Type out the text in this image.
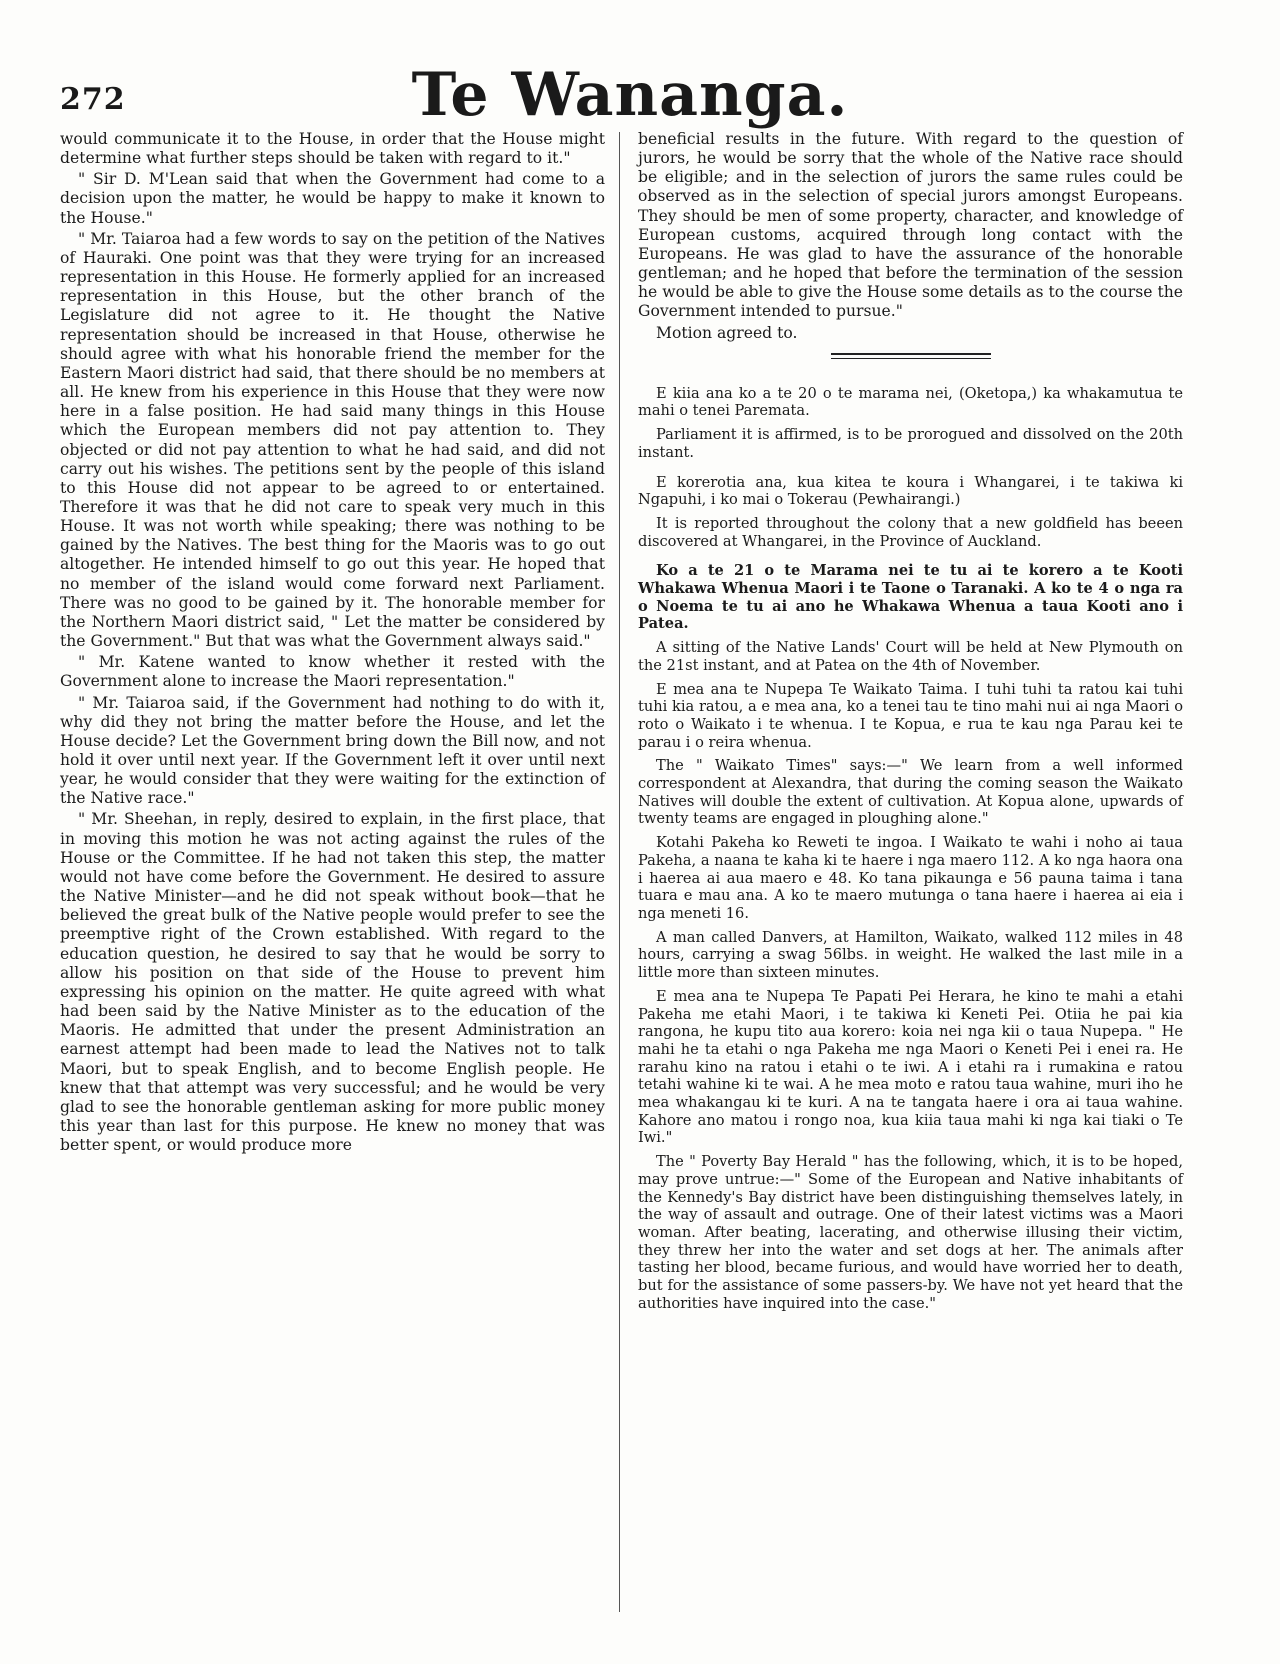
272	Te Wananga.

would communicate it to the House, in order that the House might determine what further steps should be taken with regard to it."

" Sir D. M'Lean said that when the Government had come to a decision upon the matter, he would be happy to make it known to the House."

" Mr. Taiaroa had a few words to say on the petition of the Natives of Hauraki. One point was that they were trying for an increased representation in this House. He formerly applied for an increased representation in this House, but the other branch of the Legislature did not agree to it. He thought the Native representation should be increased in that House, otherwise he should agree with what his honorable friend the member for the Eastern Maori district had said, that there should be no members at all. He knew from his experience in this House that they were now here in a false position. He had said many things in this House which the European members did not pay attention to. They objected or did not pay attention to what he had said, and did not carry out his wishes. The petitions sent by the people of this island to this House did not appear to be agreed to or entertained. Therefore it was that he did not care to speak very much in this House. It was not worth while speaking; there was nothing to be gained by the Natives. The best thing for the Maoris was to go out altogether. He intended himself to go out this year. He hoped that no member of the island would come forward next Parliament. There was no good to be gained by it. The honorable member for the Northern Maori district said, " Let the matter be considered by the Government." But that was what the Government always said."

" Mr. Katene wanted to know whether it rested with the Government alone to increase the Maori representation."

" Mr. Taiaroa said, if the Government had nothing to do with it, why did they not bring the matter before the House, and let the House decide? Let the Government bring down the Bill now, and not hold it over until next year. If the Government left it over until next year, he would consider that they were waiting for the extinction of the Native race."

" Mr. Sheehan, in reply, desired to explain, in the first place, that in moving this motion he was not acting against the rules of the House or the Committee. If he had not taken this step, the matter would not have come before the Government. He desired to assure the Native Minister—and he did not speak without book—that he believed the great bulk of the Native people would prefer to see the preemptive right of the Crown established. With regard to the education question, he desired to say that he would be sorry to allow his position on that side of the House to prevent him expressing his opinion on the matter. He quite agreed with what had been said by the Native Minister as to the education of the Maoris. He admitted that under the present Administration an earnest attempt had been made to lead the Natives not to talk Maori, but to speak English, and to become English people. He knew that that attempt was very successful; and he would be very glad to see the honorable gentleman asking for more public money this year than last for this purpose. He knew no money that was better spent, or would produce more

beneficial results in the future. With regard to the question of jurors, he would be sorry that the whole of the Native race should be eligible; and in the selection of jurors the same rules could be observed as in the selection of special jurors amongst Europeans. They should be men of some property, character, and knowledge of European customs, acquired through long contact with the Europeans. He was glad to have the assurance of the honorable gentleman; and he hoped that before the termination of the session he would be able to give the House some details as to the course the Government intended to pursue."

Motion agreed to.

E kiia ana ko a te 20 o te marama nei, (Oketopa,) ka whakamutua te mahi o tenei Paremata.

Parliament it is affirmed, is to be prorogued and dissolved on the 20th instant.

E korerotia ana, kua kitea te koura i Whangarei, i te takiwa ki Ngapuhi, i ko mai o Tokerau (Pewhairangi.)

It is reported throughout the colony that a new goldfield has beeen discovered at Whangarei, in the Province of Auckland.

Ko a te 21 o te Marama nei te tu ai te korero a te Kooti Whakawa Whenua Maori i te Taone o Taranaki. A ko te 4 o nga ra o Noema te tu ai ano he Whakawa Whenua a taua Kooti ano i Patea.

A sitting of the Native Lands' Court will be held at New Plymouth on the 21st instant, and at Patea on the 4th of November.

E mea ana te Nupepa Te Waikato Taima. I tuhi tuhi ta ratou kai tuhi tuhi kia ratou, a e mea ana, ko a tenei tau te tino mahi nui ai nga Maori o roto o Waikato i te whenua. I te Kopua, e rua te kau nga Parau kei te parau i o reira whenua.

The " Waikato Times" says:—" We learn from a well informed correspondent at Alexandra, that during the coming season the Waikato Natives will double the extent of cultivation. At Kopua alone, upwards of twenty teams are engaged in ploughing alone."

Kotahi Pakeha ko Reweti te ingoa. I Waikato te wahi i noho ai taua Pakeha, a naana te kaha ki te haere i nga maero 112. A ko nga haora ona i haerea ai aua maero e 48. Ko tana pikaunga e 56 pauna taima i tana tuara e mau ana. A ko te maero mutunga o tana haere i haerea ai eia i nga meneti 16.

A man called Danvers, at Hamilton, Waikato, walked 112 miles in 48 hours, carrying a swag 56lbs. in weight. He walked the last mile in a little more than sixteen minutes.

E mea ana te Nupepa Te Papati Pei Herara, he kino te mahi a etahi Pakeha me etahi Maori, i te takiwa ki Keneti Pei. Otiia he pai kia rangona, he kupu tito aua korero: koia nei nga kii o taua Nupepa. " He mahi he ta etahi o nga Pakeha me nga Maori o Keneti Pei i enei ra. He rarahu kino na ratou i etahi o te iwi. A i etahi ra i rumakina e ratou tetahi wahine ki te wai. A he mea moto e ratou taua wahine, muri iho he mea whakangau ki te kuri. A na te tangata haere i ora ai taua wahine. Kahore ano matou i rongo noa, kua kiia taua mahi ki nga kai tiaki o Te Iwi."

The " Poverty Bay Herald " has the following, which, it is to be hoped, may prove untrue:—" Some of the European and Native inhabitants of the Kennedy's Bay district have been distinguishing themselves lately, in the way of assault and outrage. One of their latest victims was a Maori woman. After beating, lacerating, and otherwise illusing their victim, they threw her into the water and set dogs at her. The animals after tasting her blood, became furious, and would have worried her to death, but for the assistance of some passers-by. We have not yet heard that the authorities have inquired into the case."
